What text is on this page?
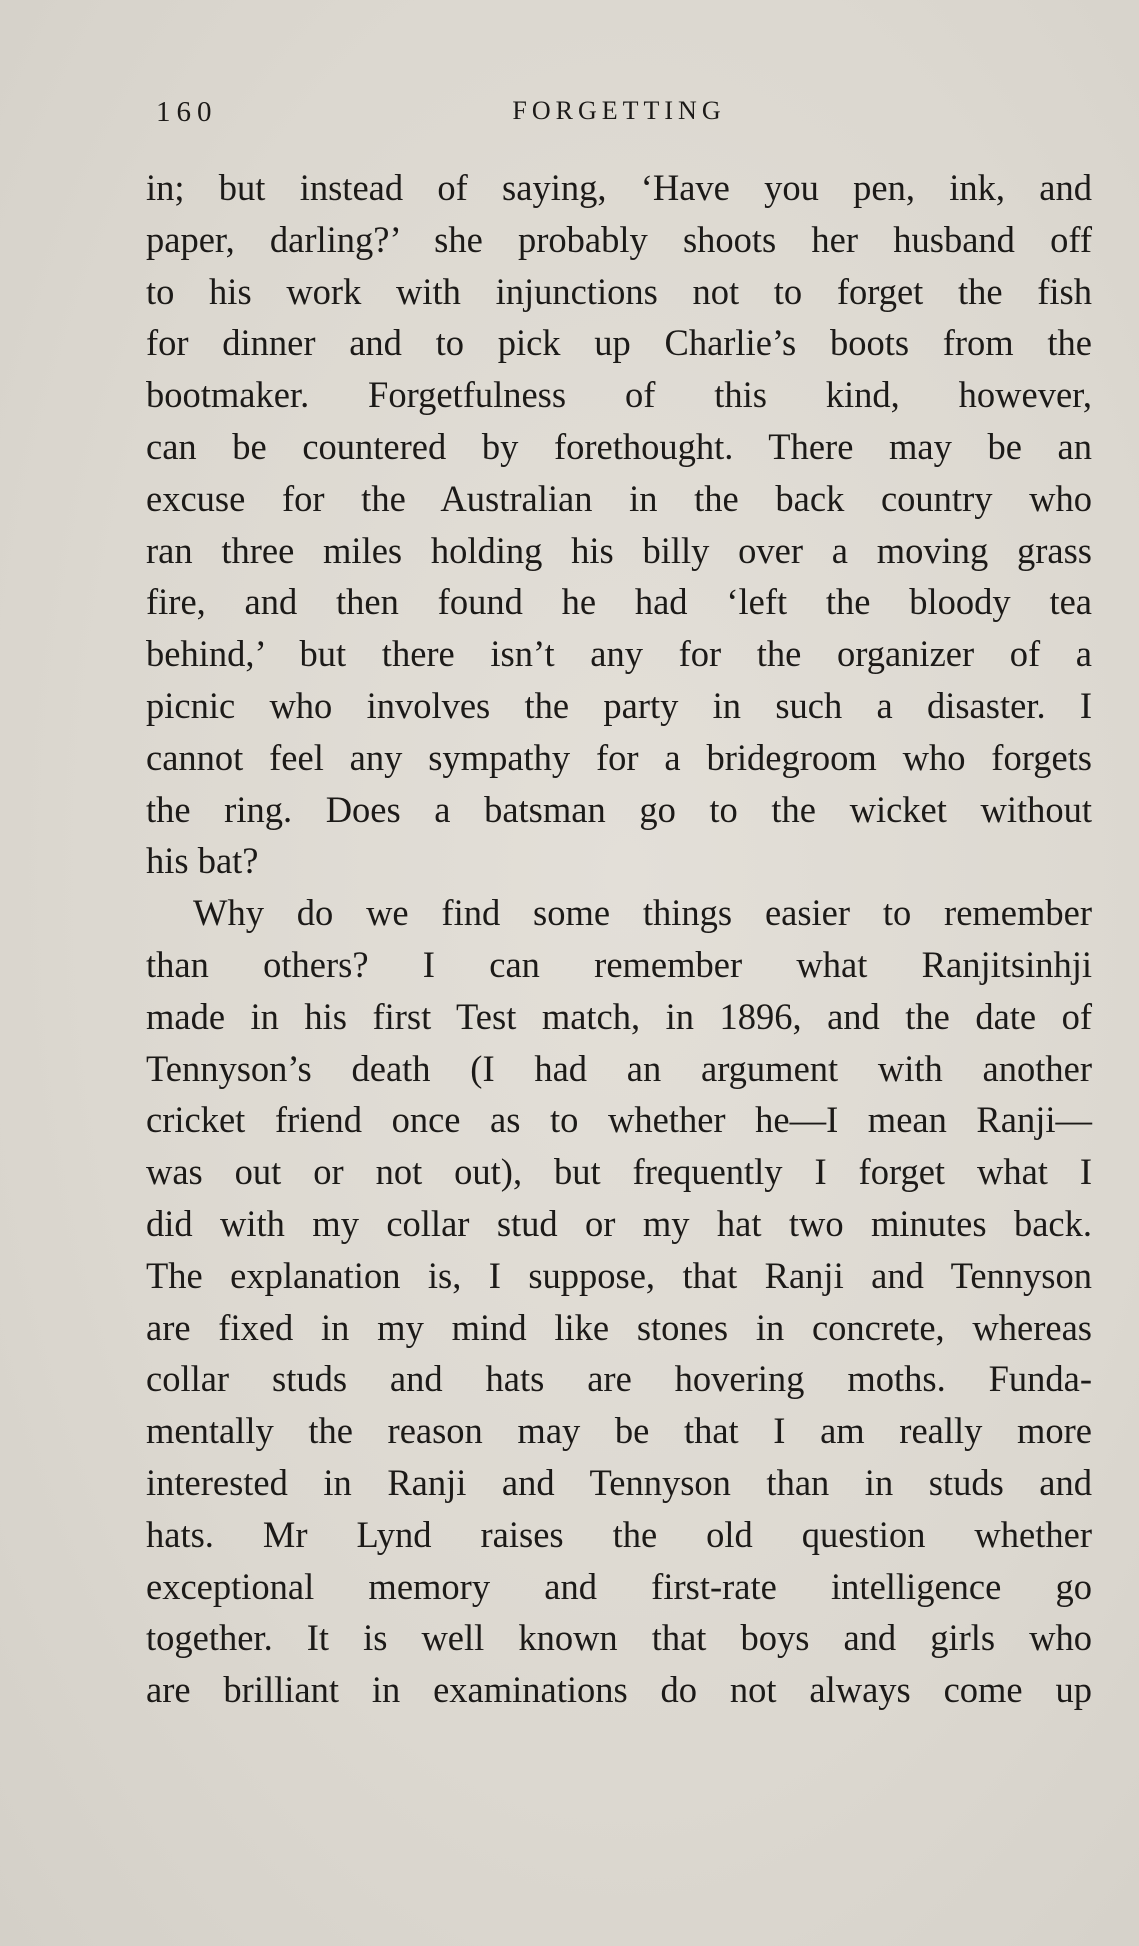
160	FORGETTING
in; but instead of saying, ‘Have you pen, ink, and
paper, darling?’ she probably shoots her husband off
to his work with injunctions not to forget the fish
for dinner and to pick up Charlie’s boots from the
bootmaker. Forgetfulness of this kind, however,
can be countered by forethought. There may be an
excuse for the Australian in the back country who
ran three miles holding his billy over a moving grass
fire, and then found he had ‘left the bloody tea
behind,’ but there isn’t any for the organizer of a
picnic who involves the party in such a disaster. I
cannot feel any sympathy for a bridegroom who forgets
the ring. Does a batsman go to the wicket without
his bat?
Why do we find some things easier to remember
than others? I can remember what Ranjitsinhji
made in his first Test match, in 1896, and the date of
Tennyson’s death (I had an argument with another
cricket friend once as to whether he—I mean Ranji—
was out or not out), but frequently I forget what I
did with my collar stud or my hat two minutes back.
The explanation is, I suppose, that Ranji and Tennyson
are fixed in my mind like stones in concrete, whereas
collar studs and hats are hovering moths. Funda-
mentally the reason may be that I am really more
interested in Ranji and Tennyson than in studs and
hats. Mr Lynd raises the old question whether
exceptional memory and first-rate intelligence go
together. It is well known that boys and girls who
are brilliant in examinations do not always come up
